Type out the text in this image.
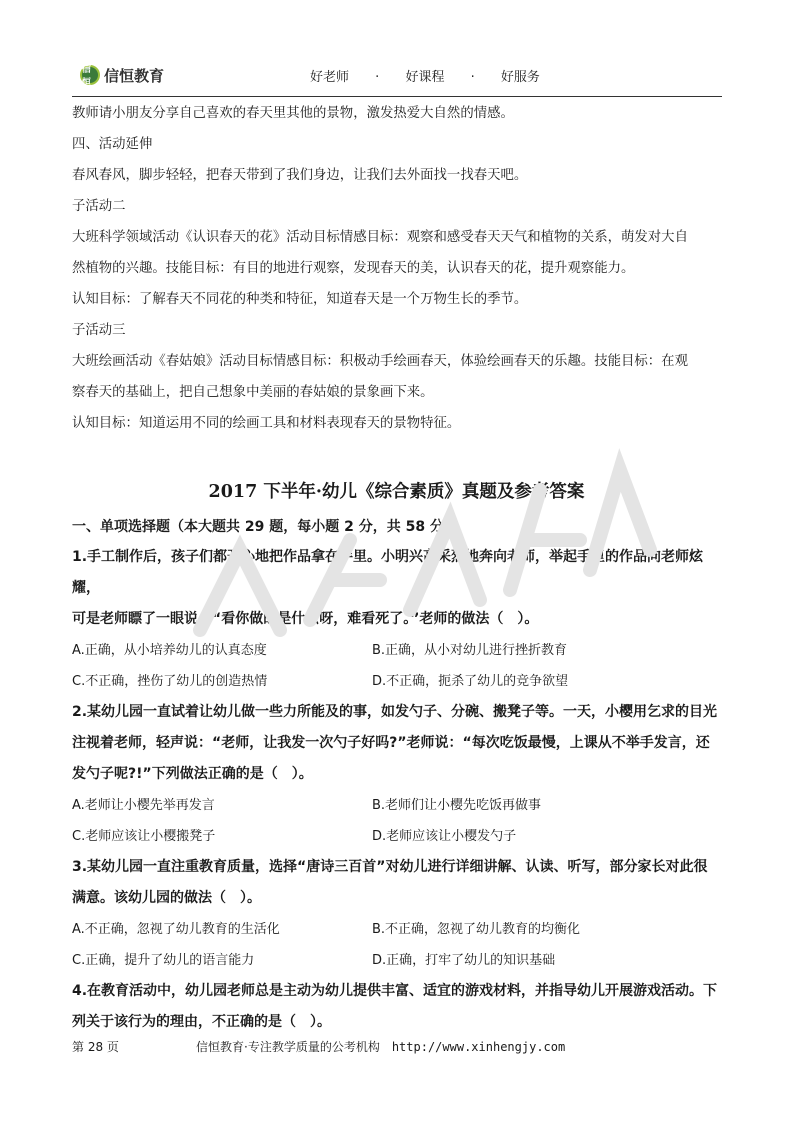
信恒 信恒教育	好老师 · 好课程 · 好服务

教师请小朋友分享自己喜欢的春天里其他的景物，激发热爱大自然的情感。

四、活动延伸

春风春风，脚步轻轻，把春天带到了我们身边，让我们去外面找一找春天吧。

子活动二

大班科学领域活动《认识春天的花》活动目标情感目标：观察和感受春天天气和植物的关系，萌发对大自

然植物的兴趣。技能目标：有目的地进行观察，发现春天的美，认识春天的花，提升观察能力。

认知目标：了解春天不同花的种类和特征，知道春天是一个万物生长的季节。

子活动三

大班绘画活动《春姑娘》活动目标情感目标：积极动手绘画春天，体验绘画春天的乐趣。技能目标：在观

察春天的基础上，把自己想象中美丽的春姑娘的景象画下来。

认知目标：知道运用不同的绘画工具和材料表现春天的景物特征。

2017 下半年·幼儿《综合素质》真题及参考答案

一、单项选择题（本大题共 29 题，每小题 2 分，共 58 分）

1.手工制作后，孩子们都开心地把作品拿在手里。小明兴高采烈地奔向老师，举起手里的作品向老师炫耀，

可是老师瞟了一眼说：“看你做的是什么呀，难看死了。”老师的做法（　）。

A.正确，从小培养幼儿的认真态度	B.正确，从小对幼儿进行挫折教育
C.不正确，挫伤了幼儿的创造热情	D.不正确，扼杀了幼儿的竞争欲望

2.某幼儿园一直试着让幼儿做一些力所能及的事，如发勺子、分碗、搬凳子等。一天，小樱用乞求的目光

注视着老师，轻声说：“老师，让我发一次勺子好吗?”老师说：“每次吃饭最慢，上课从不举手发言，还

发勺子呢?!”下列做法正确的是（　）。

A.老师让小樱先举再发言	B.老师们让小樱先吃饭再做事
C.老师应该让小樱搬凳子	D.老师应该让小樱发勺子

3.某幼儿园一直注重教育质量，选择“唐诗三百首”对幼儿进行详细讲解、认读、听写，部分家长对此很

满意。该幼儿园的做法（　）。

A.不正确，忽视了幼儿教育的生活化	B.不正确，忽视了幼儿教育的均衡化
C.正确，提升了幼儿的语言能力	D.正确，打牢了幼儿的知识基础

4.在教育活动中，幼儿园老师总是主动为幼儿提供丰富、适宜的游戏材料，并指导幼儿开展游戏活动。下

列关于该行为的理由，不正确的是（　）。

第 28 页	信恒教育·专注教学质量的公考机构 http://www.xinhengjy.com
